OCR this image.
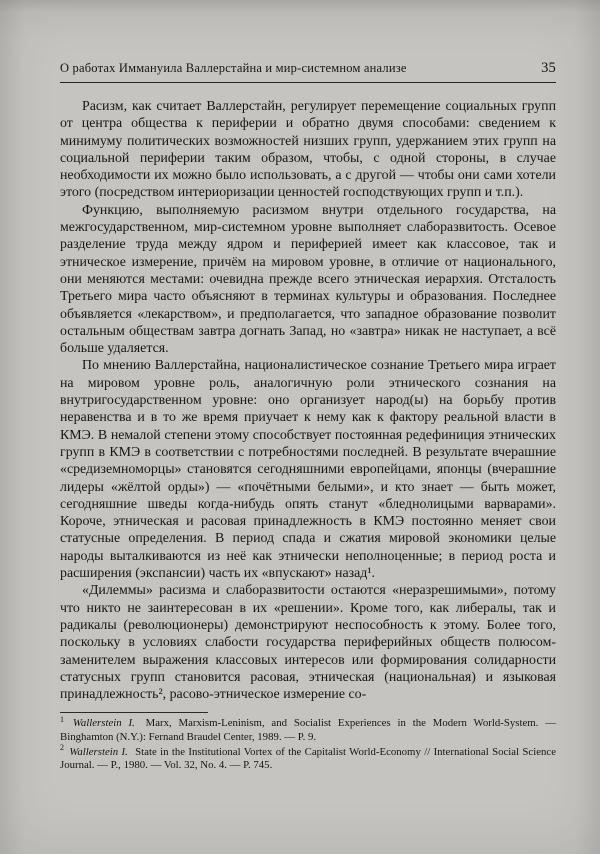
О работах Иммануила Валлерстайна и мир-системном анализе	35

Расизм, как считает Валлерстайн, регулирует перемещение социальных групп от центра общества к периферии и обратно двумя способами: сведением к минимуму политических возможностей низших групп, удержанием этих групп на социальной периферии таким образом, чтобы, с одной стороны, в случае необходимости их можно было использовать, а с другой — чтобы они сами хотели этого (посредством интериоризации ценностей господствующих групп и т.п.).

Функцию, выполняемую расизмом внутри отдельного государства, на межгосударственном, мир-системном уровне выполняет слаборазвитость. Осевое разделение труда между ядром и периферией имеет как классовое, так и этническое измерение, причём на мировом уровне, в отличие от национального, они меняются местами: очевидна прежде всего этническая иерархия. Отсталость Третьего мира часто объясняют в терминах культуры и образования. Последнее объявляется «лекарством», и предполагается, что западное образование позволит остальным обществам завтра догнать Запад, но «завтра» никак не наступает, а всё больше удаляется.

По мнению Валлерстайна, националистическое сознание Третьего мира играет на мировом уровне роль, аналогичную роли этнического сознания на внутригосударственном уровне: оно организует народ(ы) на борьбу против неравенства и в то же время приучает к нему как к фактору реальной власти в КМЭ. В немалой степени этому способствует постоянная редефиниция этнических групп в КМЭ в соответствии с потребностями последней. В результате вчерашние «средиземноморцы» становятся сегодняшними европейцами, японцы (вчерашние лидеры «жёлтой орды») — «почётными белыми», и кто знает — быть может, сегодняшние шведы когда-нибудь опять станут «бледнолицыми варварами». Короче, этническая и расовая принадлежность в КМЭ постоянно меняет свои статусные определения. В период спада и сжатия мировой экономики целые народы выталкиваются из неё как этнически неполноценные; в период роста и расширения (экспансии) часть их «впускают» назад¹.

«Дилеммы» расизма и слаборазвитости остаются «неразрешимыми», потому что никто не заинтересован в их «решении». Кроме того, как либералы, так и радикалы (революционеры) демонстрируют неспособность к этому. Более того, поскольку в условиях слабости государства периферийных обществ полюсом-заменителем выражения классовых интересов или формирования солидарности статусных групп становится расовая, этническая (национальная) и языковая принадлежность², расово-этническое измерение со-

$^1$ Wallerstein I. Marx, Marxism-Leninism, and Socialist Experiences in the Modern World-System. — Binghamton (N.Y.): Fernand Braudel Center, 1989. — P. 9.

$^2$ Wallerstein I. State in the Institutional Vortex of the Capitalist World-Economy // International Social Science Journal. — P., 1980. — Vol. 32, No. 4. — P. 745.
